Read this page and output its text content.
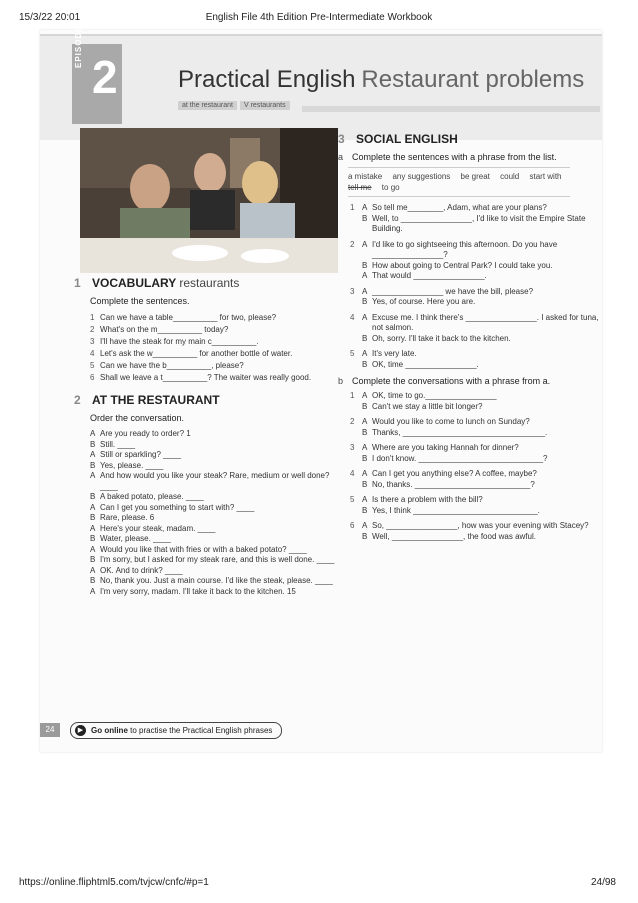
15/3/22 20:01	English File 4th Edition Pre-Intermediate Workbook
EPISODE
2	Practical English Restaurant problems
at the restaurant V restaurants
1 VOCABULARY restaurants
Complete the sentences.
1 Can we have a table__________ for two, please?
2 What's on the m__________ today?
3 I'll have the steak for my main c__________.
4 Let's ask the w__________ for another bottle of water.
5 Can we have the b__________, please?
6 Shall we leave a t__________? The waiter was really good.
2 AT THE RESTAURANT
Order the conversation.
A Are you ready to order? 1
B Still. ____
A Still or sparkling? ____
B Yes, please. ____
A And how would you like your steak? Rare, medium or well done? ____
B A baked potato, please. ____
A Can I get you something to start with? ____
B Rare, please. 6
A Here's your steak, madam. ____
B Water, please. ____
A Would you like that with fries or with a baked potato? ____
B I'm sorry, but I asked for my steak rare, and this is well done. ____
A OK. And to drink? ____
B No, thank you. Just a main course. I'd like the steak, please. ____
A I'm very sorry, madam. I'll take it back to the kitchen. 15
3 SOCIAL ENGLISH
a Complete the sentences with a phrase from the list.
a mistake any suggestions be great could start with tell me to go
1 A So tell me________, Adam, what are your plans?
B Well, to ________________, I'd like to visit the Empire State Building.
2 A I'd like to go sightseeing this afternoon. Do you have ________________?
B How about going to Central Park? I could take you.
A That would ________________.
3 A ________________ we have the bill, please?
B Yes, of course. Here you are.
4 A Excuse me. I think there's ________________. I asked for tuna, not salmon.
B Oh, sorry. I'll take it back to the kitchen.
5 A It's very late.
B OK, time ________________.
b Complete the conversations with a phrase from a.
1 A OK, time to go.________________
B Can't we stay a little bit longer?
2 A Would you like to come to lunch on Sunday?
B Thanks, ________________________________.
3 A Where are you taking Hannah for dinner?
B I don't know. ____________________________?
4 A Can I get you anything else? A coffee, maybe?
B No, thanks. __________________________?
5 A Is there a problem with the bill?
B Yes, I think ____________________________.
6 A So, ________________, how was your evening with Stacey?
B Well, ________________, the food was awful.
24	▶ Go online to practise the Practical English phrases
https://online.fliphtml5.com/tvjcw/cnfc/#p=1	24/98
